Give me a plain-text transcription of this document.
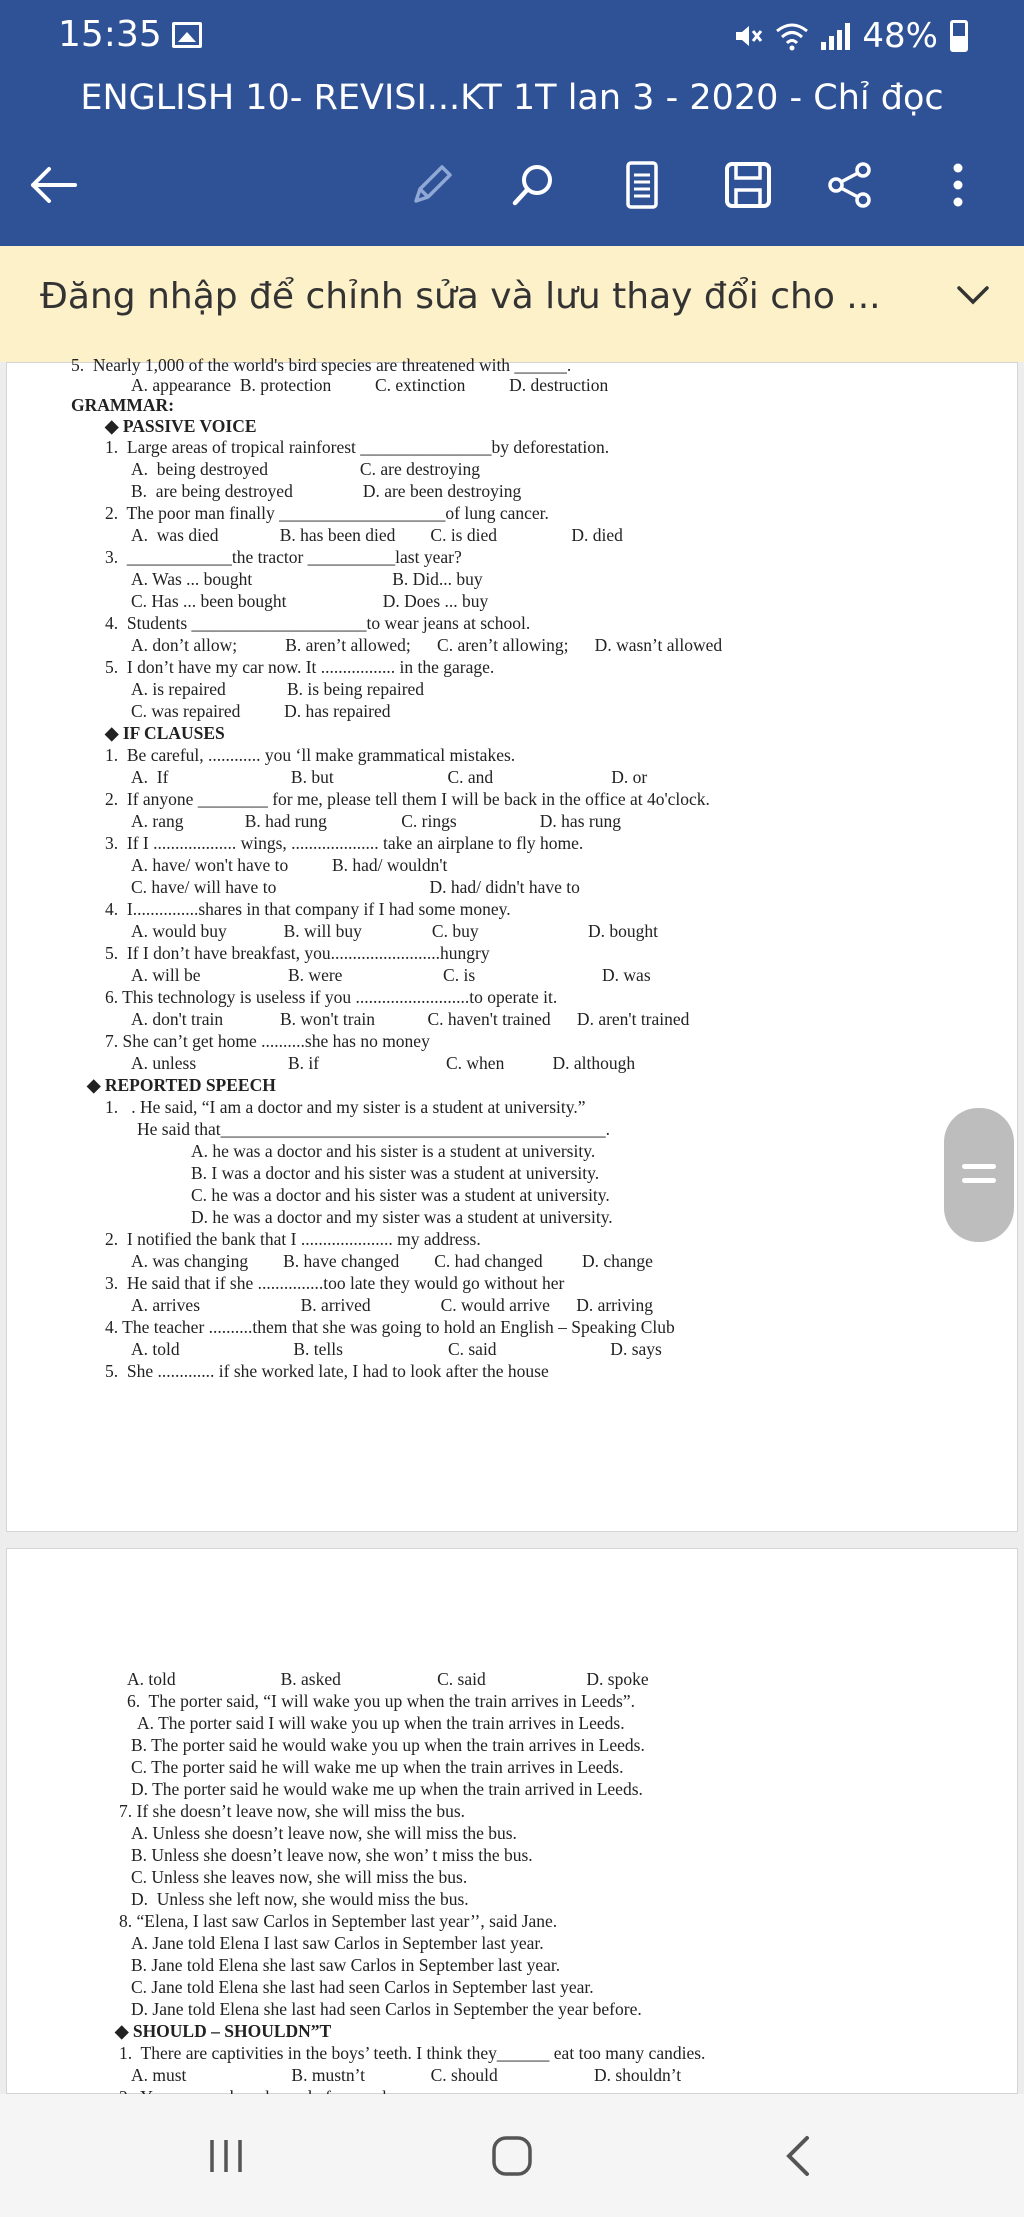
15:35	48%
ENGLISH 10- REVISI...KT 1T lan 3 - 2020 - Chỉ đọc
Đăng nhập để chỉnh sửa và lưu thay đổi cho ...
5.  Nearly 1,000 of the world's bird species are threatened with ______.
A. appearance  B. protection          C. extinction          D. destruction
GRAMMAR:
◆ PASSIVE VOICE
1.  Large areas of tropical rainforest _______________by deforestation.
A.  being destroyed                     C. are destroying
B.  are being destroyed                D. are been destroying
2.  The poor man finally ___________________of lung cancer.
A.  was died              B. has been died        C. is died                 D. died
3.  ____________the tractor __________last year?
A. Was ... bought                                B. Did... buy
C. Has ... been bought                      D. Does ... buy
4.  Students ____________________to wear jeans at school.
A. don’t allow;           B. aren’t allowed;      C. aren’t allowing;      D. wasn’t allowed
5.  I don’t have my car now. It ................. in the garage.
A. is repaired              B. is being repaired
C. was repaired          D. has repaired
◆ IF CLAUSES
1.  Be careful, ............ you ‘ll make grammatical mistakes.
A.  If                            B. but                          C. and                           D. or
2.  If anyone ________ for me, please tell them I will be back in the office at 4o'clock.
A. rang              B. had rung                 C. rings                   D. has rung
3.  If I ................... wings, .................... take an airplane to fly home.
A. have/ won't have to          B. had/ wouldn't
C. have/ will have to                                   D. had/ didn't have to
4.  I...............shares in that company if I had some money.
A. would buy             B. will buy                C. buy                         D. bought
5.  If I don’t have breakfast, you.........................hungry
A. will be                    B. were                       C. is                             D. was
6. This technology is useless if you ..........................to operate it.
A. don't train             B. won't train            C. haven't trained      D. aren't trained
7. She can’t get home ..........she has no money
A. unless                     B. if                             C. when           D. although
◆ REPORTED SPEECH
1.   . He said, “I am a doctor and my sister is a student at university.”
He said that____________________________________________.
A. he was a doctor and his sister is a student at university.
B. I was a doctor and his sister was a student at university.
C. he was a doctor and his sister was a student at university.
D. he was a doctor and my sister was a student at university.
2.  I notified the bank that I ..................... my address.
A. was changing        B. have changed        C. had changed         D. change
3.  He said that if she ...............too late they would go without her
A. arrives                       B. arrived                C. would arrive      D. arriving
4. The teacher ..........them that she was going to hold an English – Speaking Club
A. told                          B. tells                        C. said                          D. says
5.  She ............. if she worked late, I had to look after the house
A. told                        B. asked                      C. said                       D. spoke
6.  The porter said, “I will wake you up when the train arrives in Leeds”.
A. The porter said I will wake you up when the train arrives in Leeds.
B. The porter said he would wake you up when the train arrives in Leeds.
C. The porter said he will wake me up when the train arrives in Leeds.
D. The porter said he would wake me up when the train arrived in Leeds.
7. If she doesn’t leave now, she will miss the bus.
A. Unless she doesn’t leave now, she will miss the bus.
B. Unless she doesn’t leave now, she won’ t miss the bus.
C. Unless she leaves now, she will miss the bus.
D.  Unless she left now, she would miss the bus.
8. “Elena, I last saw Carlos in September last year’’, said Jane.
A. Jane told Elena I last saw Carlos in September last year.
B. Jane told Elena she last saw Carlos in September last year.
C. Jane told Elena she last had seen Carlos in September last year.
D. Jane told Elena she last had seen Carlos in September the year before.
◆ SHOULD – SHOULDN”T
1.  There are captivities in the boys’ teeth. I think they______ eat too many candies.
A. must                        B. mustn’t               C. should                      D. shouldn’t
